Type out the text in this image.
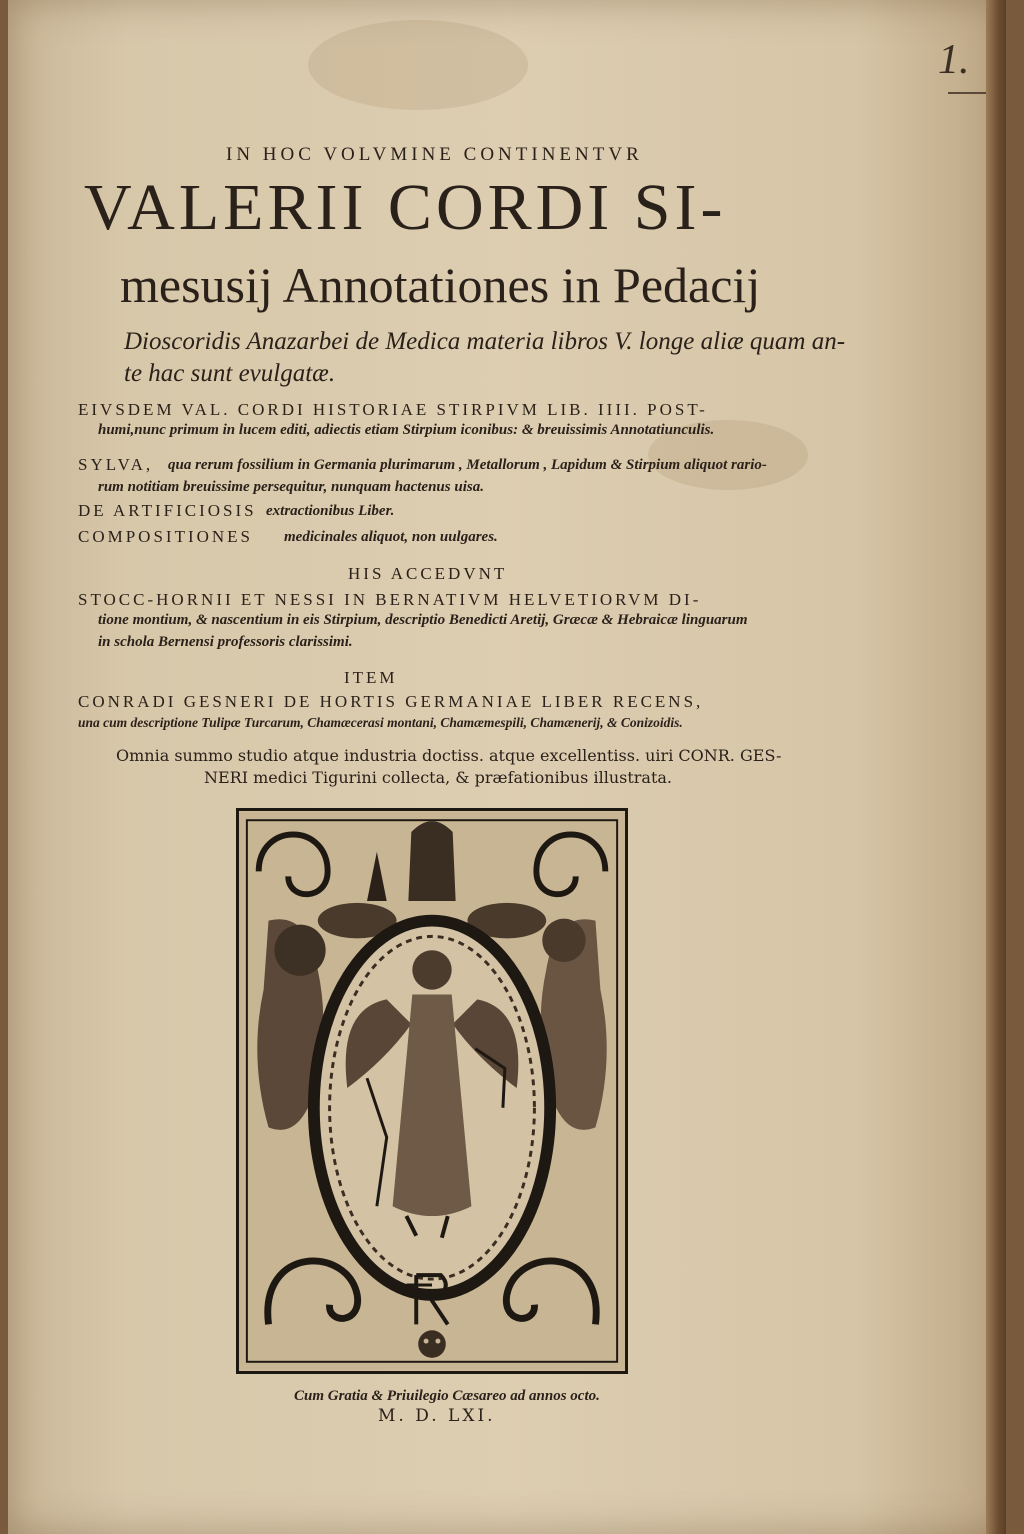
1.
IN HOC VOLVMINE CONTINENTVR
VALERII CORDI SI-
mesusij Annotationes in Pedacij
Dioscoridis Anazarbei de Medica materia libros V. longe aliæ quam an-
te hac sunt evulgatæ.
EIVSDEM VAL. CORDI HISTORIAE STIRPIVM LIB. IIII. POST-
humi,nunc primum in lucem editi, adiectis etiam Stirpium iconibus: & breuissimis Annotatiunculis.
SYLVA, qua rerum fossilium in Germania plurimarum , Metallorum , Lapidum & Stirpium aliquot rario-
rum notitiam breuissime persequitur, nunquam hactenus uisa.
DE ARTIFICIOSIS extractionibus Liber.
COMPOSITIONES medicinales aliquot, non uulgares.
HIS ACCEDVNT
STOCC-HORNII ET NESSI IN BERNATIVM HELVETIORVM DI-
tione montium, & nascentium in eis Stirpium, descriptio Benedicti Aretij, Græcæ & Hebraicæ linguarum
in schola Bernensi professoris clarissimi.
ITEM
CONRADI GESNERI DE HORTIS GERMANIAE LIBER RECENS,
una cum descriptione Tulipæ Turcarum, Chamæcerasi montani, Chamæmespili, Chamænerij, & Conizoidis.
Omnia summo studio atque industria doctiss. atque excellentiss. uiri CONR. GES-
NERI medici Tigurini collecta, & præfationibus illustrata.
Cum Gratia & Priuilegio Cæsareo ad annos octo.
M. D. LXI.
